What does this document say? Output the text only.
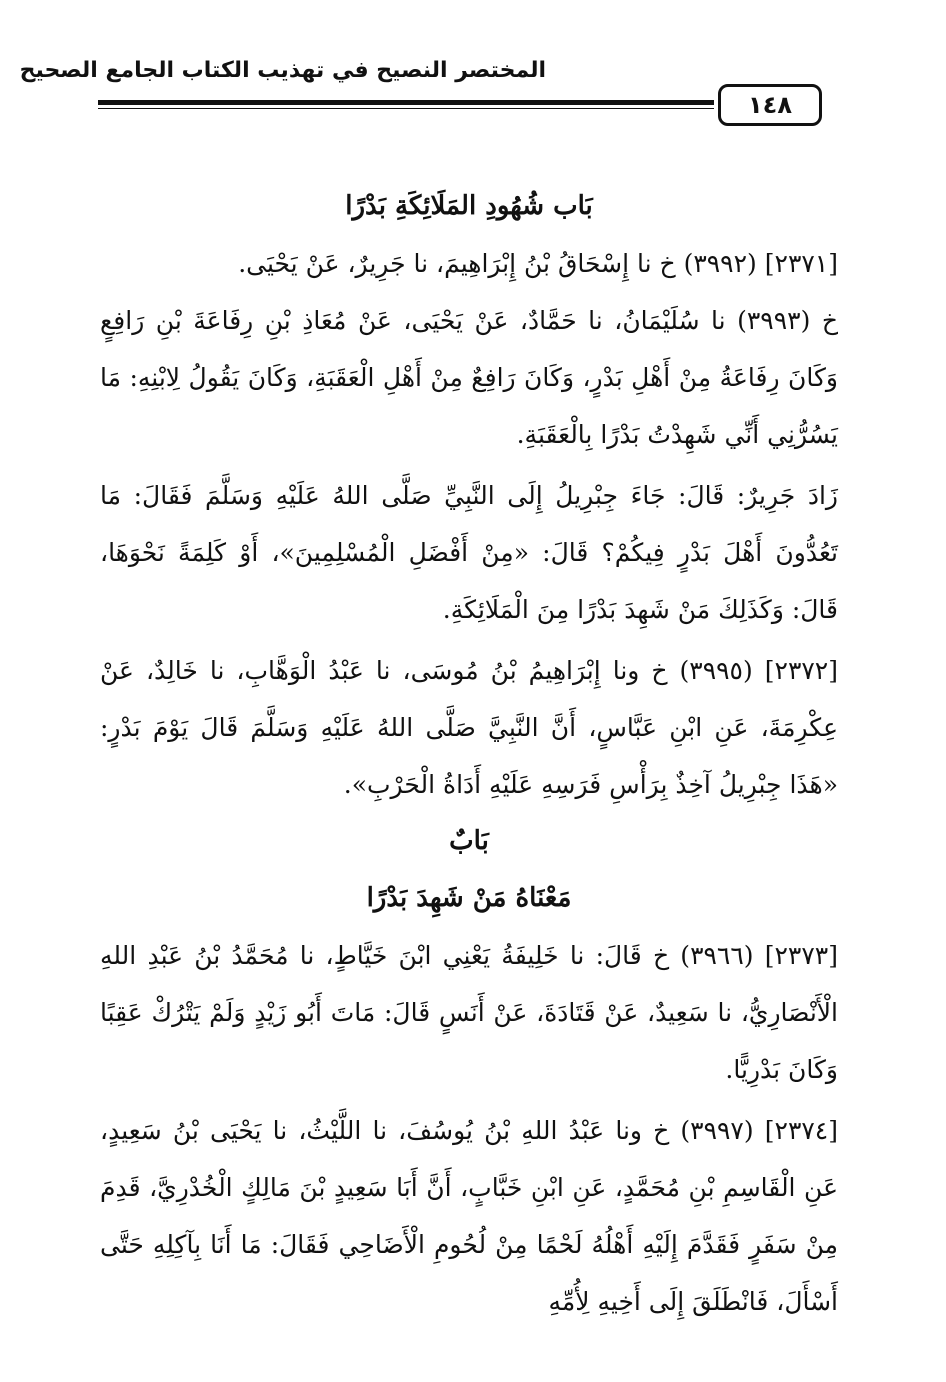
المختصر النصيح في تهذيب الكتاب الجامع الصحيح
١٤٨

بَاب شُهُودِ المَلَائِكَةِ بَدْرًا

[٢٣٧١] (٣٩٩٢) خ نا إِسْحَاقُ بْنُ إِبْرَاهِيمَ، نا جَرِيرٌ، عَنْ يَحْيَى.

خ (٣٩٩٣) نا سُلَيْمَانُ، نا حَمَّادٌ، عَنْ يَحْيَى، عَنْ مُعَاذِ بْنِ رِفَاعَةَ بْنِ رَافِعٍ وَكَانَ رِفَاعَةُ مِنْ أَهْلِ بَدْرٍ، وَكَانَ رَافِعٌ مِنْ أَهْلِ الْعَقَبَةِ، وَكَانَ يَقُولُ لِابْنِهِ: مَا يَسُرُّنِي أَنِّي شَهِدْتُ بَدْرًا بِالْعَقَبَةِ.

زَادَ جَرِيرٌ: قَالَ: جَاءَ جِبْرِيلُ إِلَى النَّبِيِّ صَلَّى اللهُ عَلَيْهِ وَسَلَّمَ فَقَالَ: مَا تَعُدُّونَ أَهْلَ بَدْرٍ فِيكُمْ؟ قَالَ: «مِنْ أَفْضَلِ الْمُسْلِمِينَ»، أَوْ كَلِمَةً نَحْوَهَا، قَالَ: وَكَذَلِكَ مَنْ شَهِدَ بَدْرًا مِنَ الْمَلَائِكَةِ.

[٢٣٧٢] (٣٩٩٥) خ ونا إِبْرَاهِيمُ بْنُ مُوسَى، نا عَبْدُ الْوَهَّابِ، نا خَالِدٌ، عَنْ عِكْرِمَةَ، عَنِ ابْنِ عَبَّاسٍ، أَنَّ النَّبِيَّ صَلَّى اللهُ عَلَيْهِ وَسَلَّمَ قَالَ يَوْمَ بَدْرٍ: «هَذَا جِبْرِيلُ آخِذٌ بِرَأْسِ فَرَسِهِ عَلَيْهِ أَدَاةُ الْحَرْبِ».

بَابٌ

مَعْنَاهُ مَنْ شَهِدَ بَدْرًا

[٢٣٧٣] (٣٩٦٦) خ قَالَ: نا خَلِيفَةُ يَعْنِي ابْنَ خَيَّاطٍ، نا مُحَمَّدُ بْنُ عَبْدِ اللهِ الْأَنْصَارِيُّ، نا سَعِيدٌ، عَنْ قَتَادَةَ، عَنْ أَنَسٍ قَالَ: مَاتَ أَبُو زَيْدٍ وَلَمْ يَتْرُكْ عَقِبًا وَكَانَ بَدْرِيًّا.

[٢٣٧٤] (٣٩٩٧) خ ونا عَبْدُ اللهِ بْنُ يُوسُفَ، نا اللَّيْثُ، نا يَحْيَى بْنُ سَعِيدٍ، عَنِ الْقَاسِمِ بْنِ مُحَمَّدٍ، عَنِ ابْنِ خَبَّابٍ، أَنَّ أَبَا سَعِيدٍ بْنَ مَالِكٍ الْخُدْرِيَّ، قَدِمَ مِنْ سَفَرٍ فَقَدَّمَ إِلَيْهِ أَهْلُهُ لَحْمًا مِنْ لُحُومِ الْأَضَاحِي فَقَالَ: مَا أَنَا بِآكِلِهِ حَتَّى أَسْأَلَ، فَانْطَلَقَ إِلَى أَخِيهِ لِأُمِّهِ
